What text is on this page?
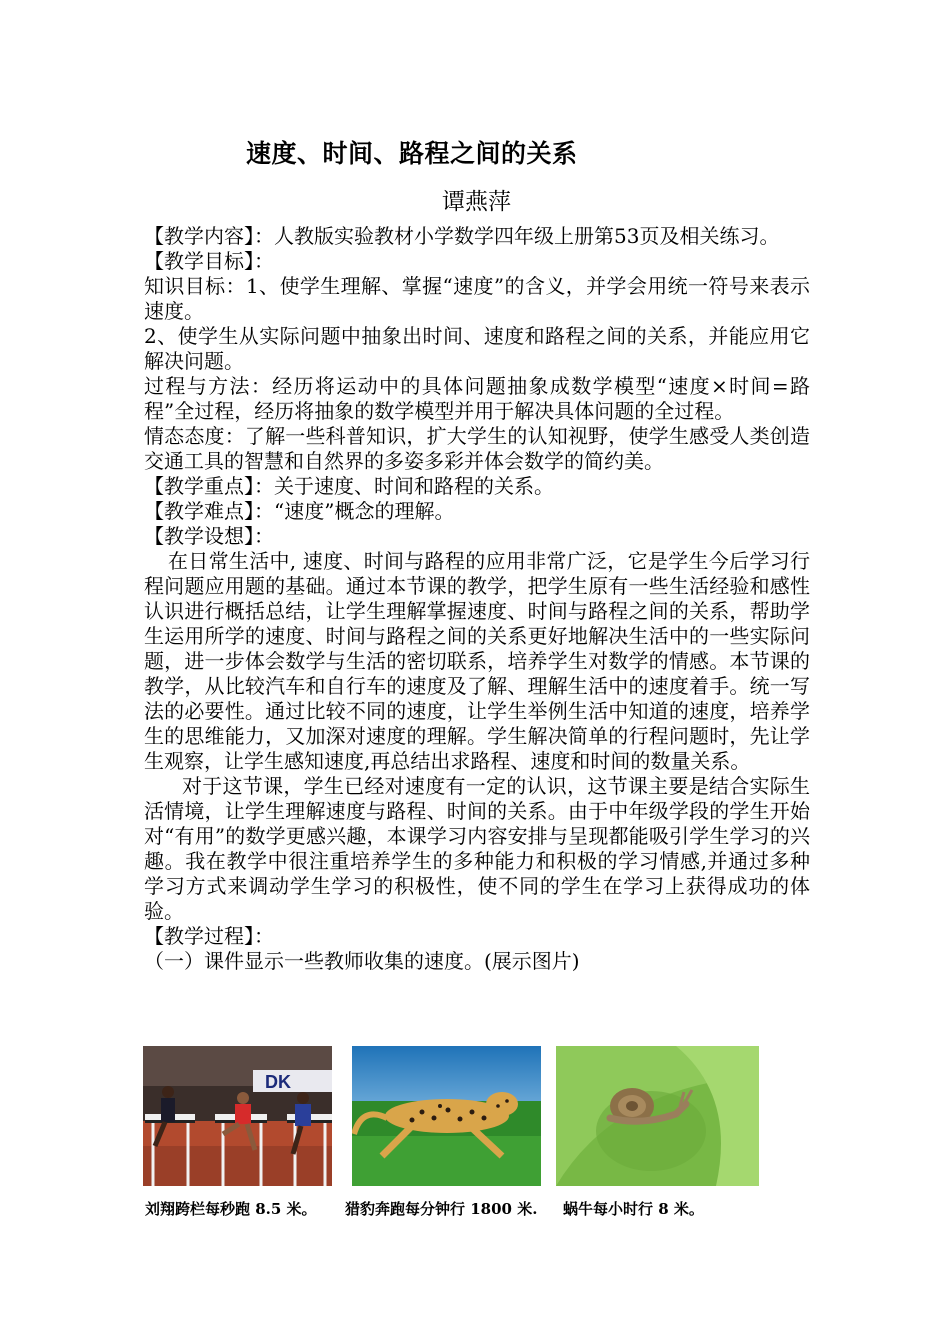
速度、时间、路程之间的关系
谭燕萍

【教学内容】：人教版实验教材小学数学四年级上册第53页及相关练习。

【教学目标】：

知识目标：1、使学生理解、掌握“速度”的含义，并学会用统一符号来表示速度。

2、使学生从实际问题中抽象出时间、速度和路程之间的关系，并能应用它解决问题。

过程与方法：经历将运动中的具体问题抽象成数学模型“速度×时间=路程”全过程，经历将抽象的数学模型并用于解决具体问题的全过程。

情态态度：了解一些科普知识，扩大学生的认知视野，使学生感受人类创造交通工具的智慧和自然界的多姿多彩并体会数学的简约美。

【教学重点】：关于速度、时间和路程的关系。

【教学难点】：“速度”概念的理解。

【教学设想】：

在日常生活中, 速度、时间与路程的应用非常广泛，它是学生今后学习行程问题应用题的基础。通过本节课的教学，把学生原有一些生活经验和感性认识进行概括总结，让学生理解掌握速度、时间与路程之间的关系，帮助学生运用所学的速度、时间与路程之间的关系更好地解决生活中的一些实际问题，进一步体会数学与生活的密切联系，培养学生对数学的情感。本节课的教学，从比较汽车和自行车的速度及了解、理解生活中的速度着手。统一写法的必要性。通过比较不同的速度，让学生举例生活中知道的速度，培养学生的思维能力，又加深对速度的理解。学生解决简单的行程问题时，先让学生观察，让学生感知速度,再总结出求路程、速度和时间的数量关系。

对于这节课，学生已经对速度有一定的认识，这节课主要是结合实际生活情境，让学生理解速度与路程、时间的关系。由于中年级学段的学生开始对“有用”的数学更感兴趣，本课学习内容安排与呈现都能吸引学生学习的兴趣。我在教学中很注重培养学生的多种能力和积极的学习情感,并通过多种学习方式来调动学生学习的积极性，使不同的学生在学习上获得成功的体验。

【教学过程】：

（一）课件显示一些教师收集的速度。(展示图片)

DK
刘翔跨栏每秒跑 8.5 米。 猎豹奔跑每分钟行 1800 米. 蜗牛每小时行 8 米。
